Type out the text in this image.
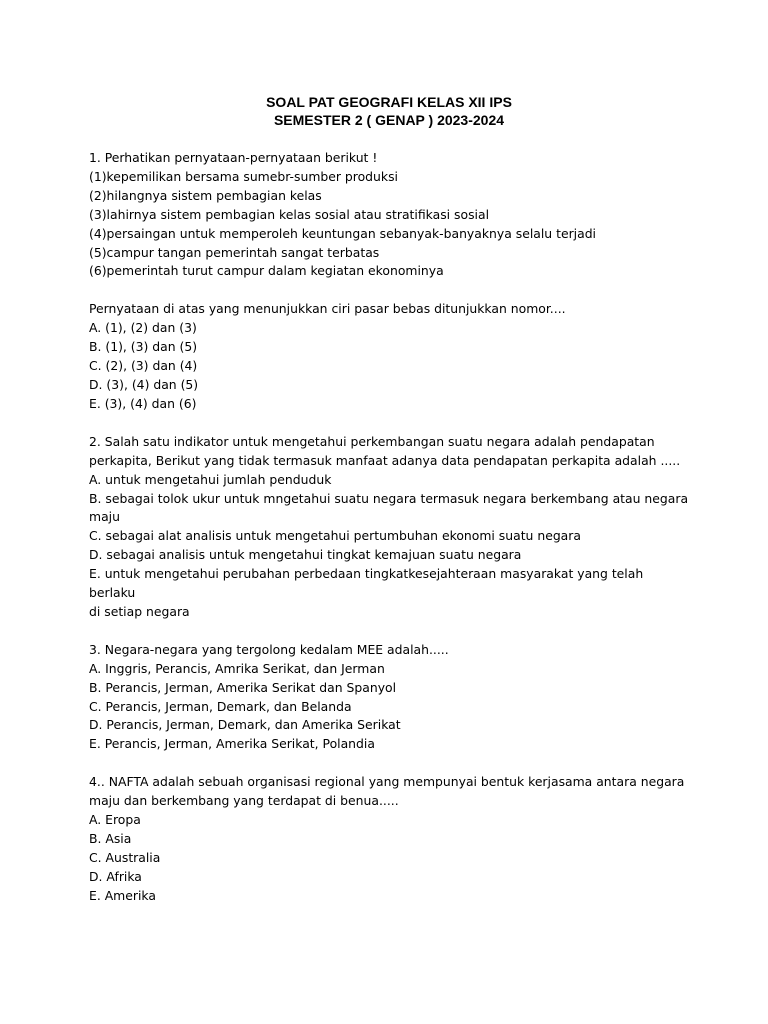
SOAL PAT GEOGRAFI KELAS XII IPS
SEMESTER 2 ( GENAP ) 2023-2024
1. Perhatikan pernyataan-pernyataan berikut !
(1)kepemilikan bersama sumebr-sumber produksi
(2)hilangnya sistem pembagian kelas
(3)lahirnya sistem pembagian kelas sosial atau stratifikasi sosial
(4)persaingan untuk memperoleh keuntungan sebanyak-banyaknya selalu terjadi
(5)campur tangan pemerintah sangat terbatas
(6)pemerintah turut campur dalam kegiatan ekonominya
Pernyataan di atas yang menunjukkan ciri pasar bebas ditunjukkan nomor....
A. (1), (2) dan (3)
B. (1), (3) dan (5)
C. (2), (3) dan (4)
D. (3), (4) dan (5)
E. (3), (4) dan (6)
2. Salah satu indikator untuk mengetahui perkembangan suatu negara adalah pendapatan
perkapita, Berikut yang tidak termasuk manfaat adanya data pendapatan perkapita adalah .....
A. untuk mengetahui jumlah penduduk
B. sebagai tolok ukur untuk mngetahui suatu negara termasuk negara berkembang atau negara
maju
C. sebagai alat analisis untuk mengetahui pertumbuhan ekonomi suatu negara
D. sebagai analisis untuk mengetahui tingkat kemajuan suatu negara
E. untuk mengetahui perubahan perbedaan tingkatkesejahteraan masyarakat yang telah berlaku
di setiap negara
3. Negara-negara yang tergolong kedalam MEE adalah.....
A. Inggris, Perancis, Amrika Serikat, dan Jerman
B. Perancis, Jerman, Amerika Serikat dan Spanyol
C. Perancis, Jerman, Demark, dan Belanda
D. Perancis, Jerman, Demark, dan Amerika Serikat
E. Perancis, Jerman, Amerika Serikat, Polandia
4.. NAFTA adalah sebuah organisasi regional yang mempunyai bentuk kerjasama antara negara
maju dan berkembang yang terdapat di benua.....
A. Eropa
B. Asia
C. Australia
D. Afrika
E. Amerika
